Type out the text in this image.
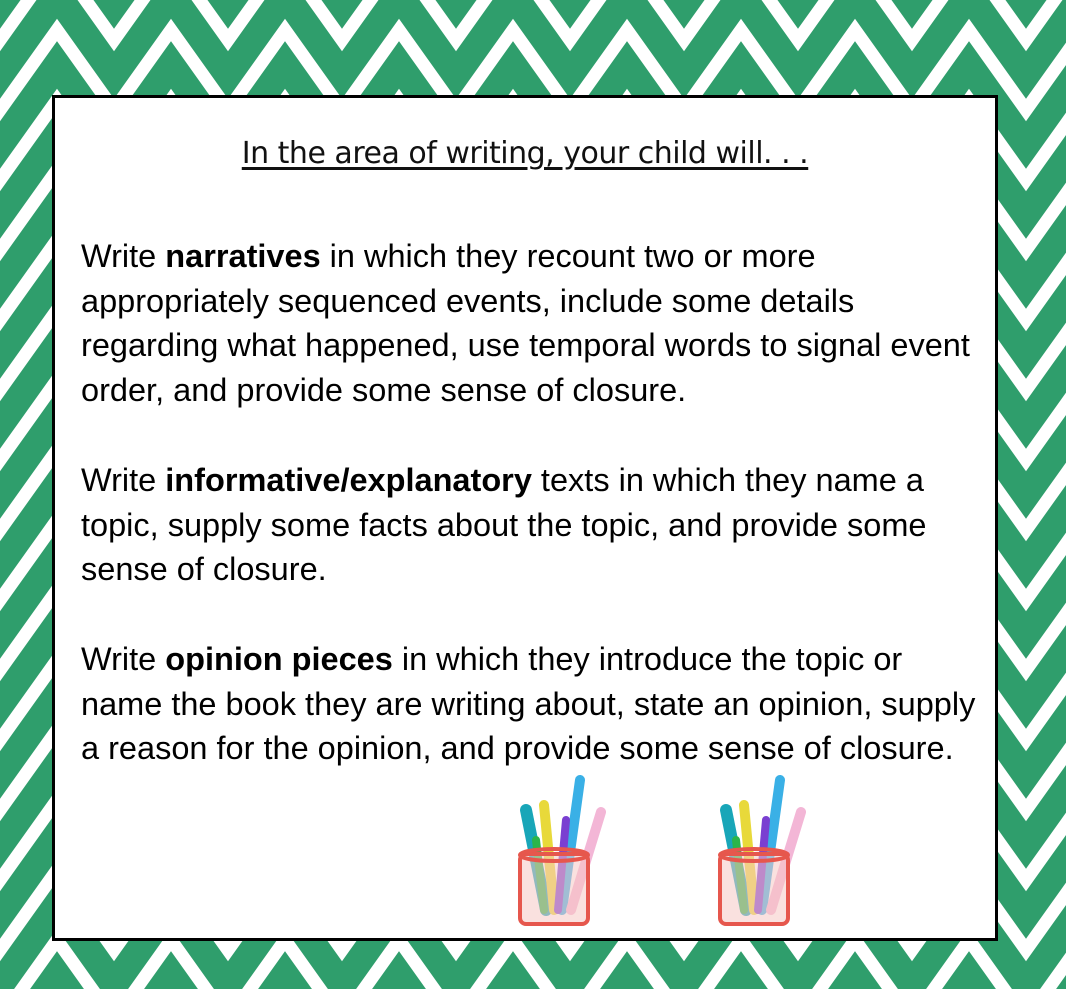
In the area of writing, your child will. . .

Write narratives in which they recount two or more appropriately sequenced events, include some details regarding what happened, use temporal words to signal event order, and provide some sense of closure.

Write informative/explanatory texts in which they name a topic, supply some facts about the topic, and provide some sense of closure.

Write opinion pieces in which they introduce the topic or name the book they are writing about, state an opinion, supply a reason for the opinion, and provide some sense of closure.
